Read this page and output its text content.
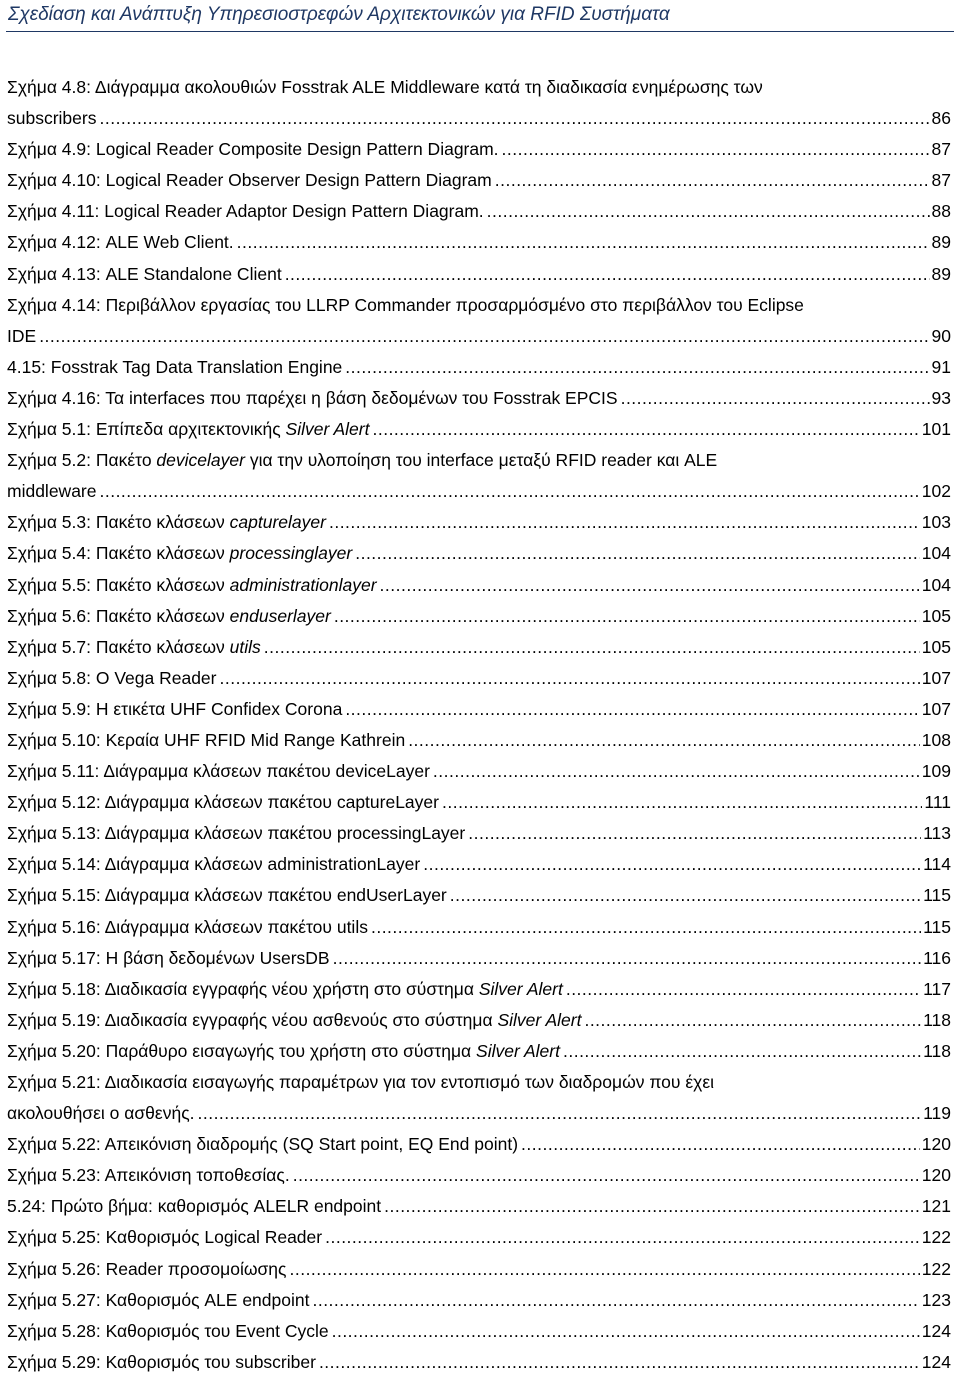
Σχεδίαση και Ανάπτυξη Υπηρεσιοστρεφών Αρχιτεκτονικών για RFID Συστήματα
Σχήμα 4.8: Διάγραμμα ακολουθιών Fosstrak ALE Middleware κατά τη διαδικασία ενημέρωσης των
subscribers .....	86
Σχήμα 4.9: Logical Reader Composite Design Pattern Diagram. .....	87
Σχήμα 4.10: Logical Reader Observer Design Pattern Diagram .....	87
Σχήμα 4.11: Logical Reader Adaptor Design Pattern Diagram. .....	88
Σχήμα 4.12: ALE Web Client. .....	89
Σχήμα 4.13: ALE Standalone Client .....	89
Σχήμα 4.14: Περιβάλλον εργασίας του LLRP Commander προσαρμόσμένο στο περιβάλλον του Eclipse
IDE .....	90
4.15: Fosstrak Tag Data Translation Engine .....	91
Σχήμα 4.16: Τα interfaces που παρέχει η βάση δεδομένων του Fosstrak EPCIS .....	93
Σχήμα 5.1: Επίπεδα αρχιτεκτονικής Silver Alert .....	101
Σχήμα 5.2: Πακέτο devicelayer για την υλοποίηση του interface μεταξύ RFID reader και ALE
middleware .....	102
Σχήμα 5.3: Πακέτο κλάσεων capturelayer .....	103
Σχήμα 5.4: Πακέτο κλάσεων processinglayer .....	104
Σχήμα 5.5: Πακέτο κλάσεων administrationlayer .....	104
Σχήμα 5.6: Πακέτο κλάσεων enduserlayer .....	105
Σχήμα 5.7: Πακέτο κλάσεων utils .....	105
Σχήμα 5.8: O Vega Reader .....	107
Σχήμα 5.9: H ετικέτα UHF Confidex Corona .....	107
Σχήμα 5.10: Κεραία UHF RFID Mid Range Kathrein .....	108
Σχήμα 5.11: Διάγραμμα κλάσεων πακέτου deviceLayer .....	109
Σχήμα 5.12: Διάγραμμα κλάσεων πακέτου captureLayer .....	111
Σχήμα 5.13: Διάγραμμα κλάσεων πακέτου processingLayer .....	113
Σχήμα 5.14: Διάγραμμα κλάσεων administrationLayer .....	114
Σχήμα 5.15: Διάγραμμα κλάσεων πακέτου endUserLayer .....	115
Σχήμα 5.16: Διάγραμμα κλάσεων πακέτου utils .....	115
Σχήμα 5.17: Η βάση δεδομένων UsersDB .....	116
Σχήμα 5.18: Διαδικασία εγγραφής νέου χρήστη στο σύστημα Silver Alert .....	117
Σχήμα 5.19: Διαδικασία εγγραφής νέου ασθενούς στο σύστημα Silver Alert .....	118
Σχήμα 5.20: Παράθυρο εισαγωγής του χρήστη στο σύστημα Silver Alert .....	118
Σχήμα 5.21: Διαδικασία εισαγωγής παραμέτρων για τον εντοπισμό των διαδρομών που έχει
ακολουθήσει ο ασθενής. .....	119
Σχήμα 5.22: Απεικόνιση διαδρομής (SQ Start point, EQ End point) .....	120
Σχήμα 5.23: Απεικόνιση τοποθεσίας. .....	120
5.24: Πρώτο βήμα: καθορισμός ALELR endpoint .....	121
Σχήμα 5.25: Καθορισμός Logical Reader .....	122
Σχήμα 5.26: Reader προσομοίωσης .....	122
Σχήμα 5.27: Καθορισμός ALE endpoint .....	123
Σχήμα 5.28: Καθορισμός του Event Cycle .....	124
Σχήμα 5.29: Καθορισμός του subscriber .....	124
